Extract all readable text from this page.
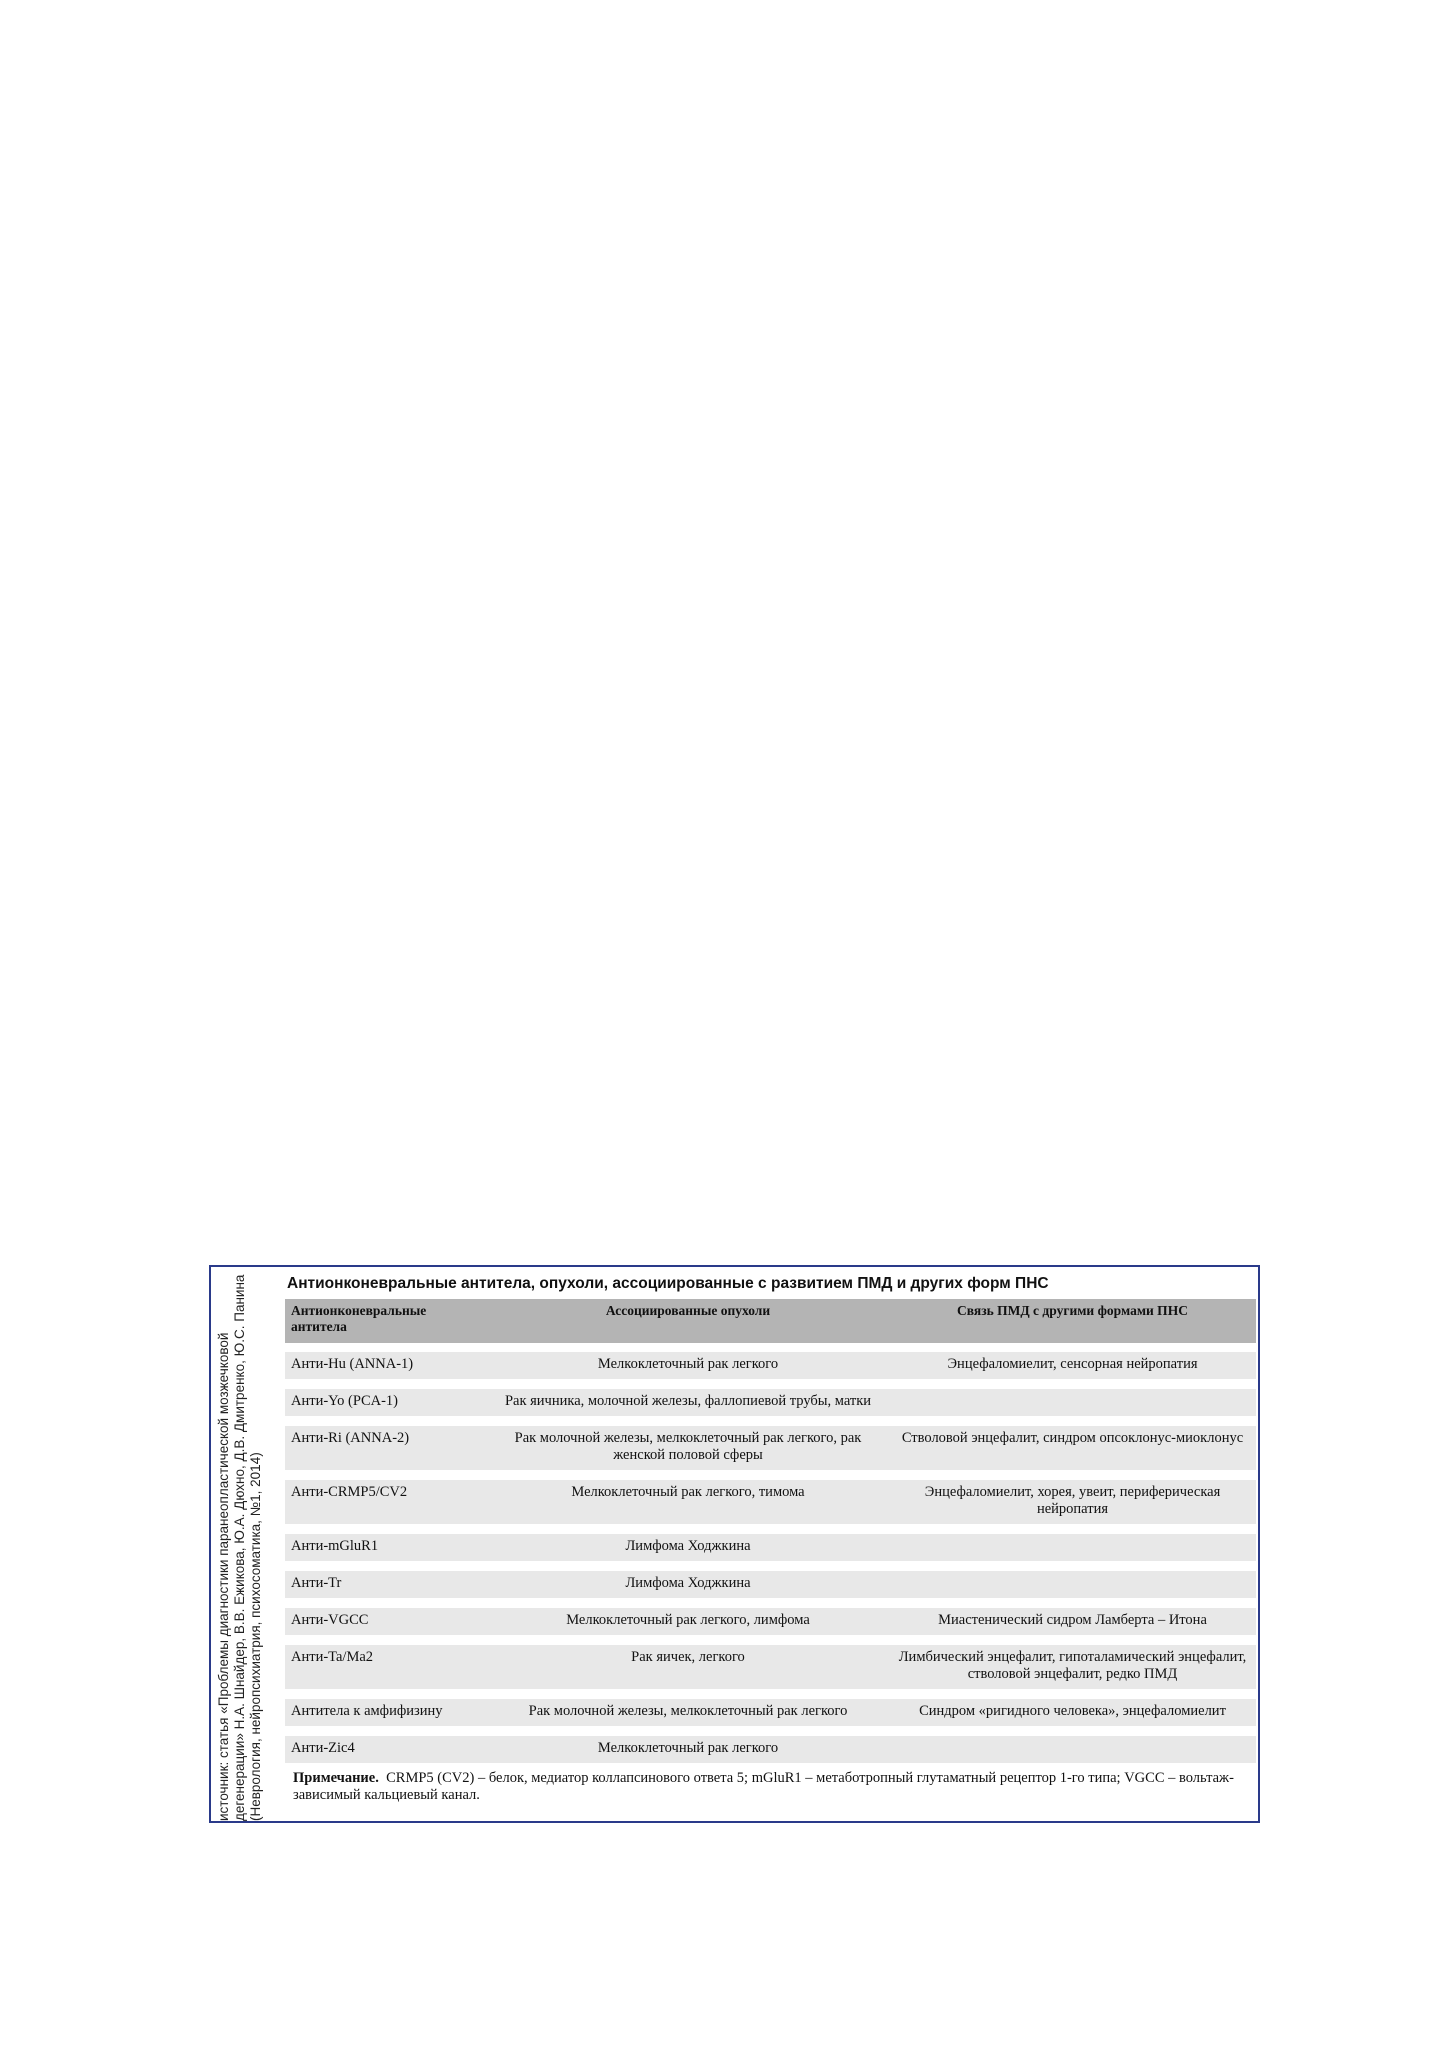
источник: статья «Проблемы диагностики паранеопластической мозжечковой дегенерации» Н.А. Шнайдер, В.В. Ежикова, Ю.А. Дюхно, Д.В. Дмитренко, Ю.С. Панина (Неврология, нейропсихиатрия, психосоматика, №1, 2014)
Антионконевральные антитела, опухоли, ассоциированные с развитием ПМД и других форм ПНС
Антионконевральные антитела	Ассоциированные опухоли	Связь ПМД с другими формами ПНС
Анти-Hu (ANNA-1)	Мелкоклеточный рак легкого	Энцефаломиелит, сенсорная нейропатия
Анти-Yo (PCA-1)	Рак яичника, молочной железы, фаллопиевой трубы, матки	
Анти-Ri (ANNA-2)	Рак молочной железы, мелкоклеточный рак легкого, рак женской половой сферы	Стволовой энцефалит, синдром опсоклонус-миоклонус
Анти-CRMP5/CV2	Мелкоклеточный рак легкого, тимома	Энцефаломиелит, хорея, увеит, периферическая нейропатия
Анти-mGluR1	Лимфома Ходжкина	
Анти-Tr	Лимфома Ходжкина	
Анти-VGCC	Мелкоклеточный рак легкого, лимфома	Миастенический сидром Ламберта – Итона
Анти-Ta/Ma2	Рак яичек, легкого	Лимбический энцефалит, гипоталамический энцефалит, стволовой энцефалит, редко ПМД
Антитела к амфифизину	Рак молочной железы, мелкоклеточный рак легкого	Синдром «ригидного человека», энцефаломиелит
Анти-Zic4	Мелкоклеточный рак легкого	
Примечание. CRMP5 (CV2) – белок, медиатор коллапсинового ответа 5; mGluR1 – метаботропный глутаматный рецептор 1-го типа; VGCC – вольтаж-зависимый кальциевый канал.
